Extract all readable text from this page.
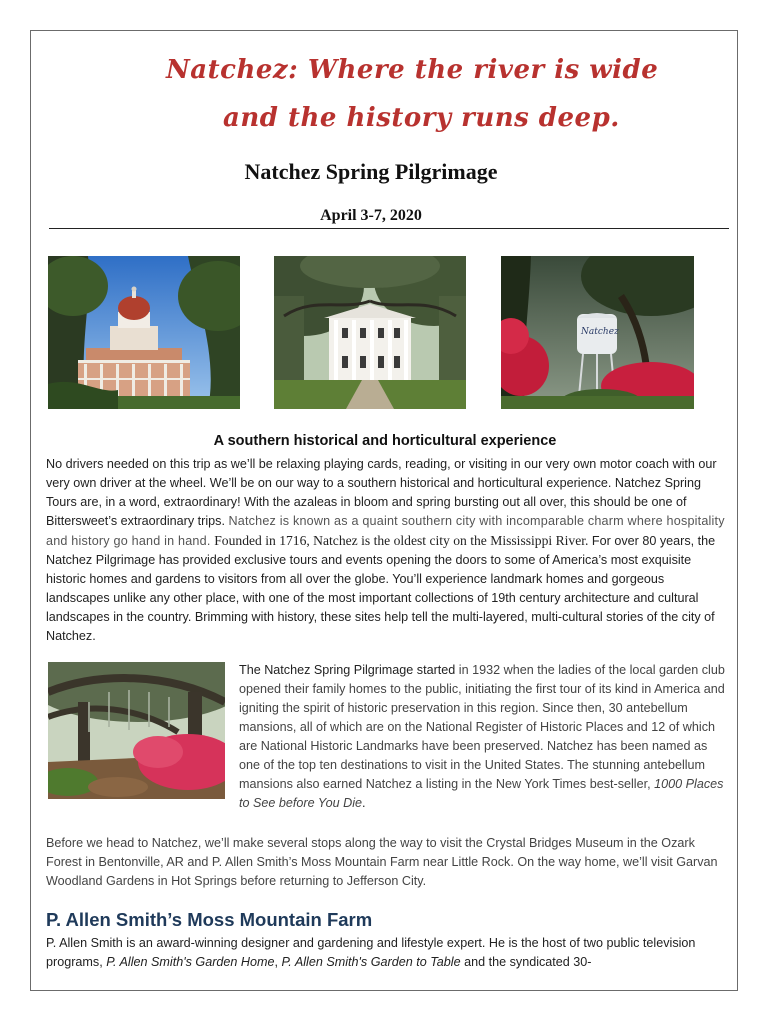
Natchez: Where the river is wide
and the history runs deep.
Natchez Spring Pilgrimage
April 3-7, 2020
Natchez
A southern historical and horticultural experience
No drivers needed on this trip as we’ll be relaxing playing cards, reading, or visiting in our very own motor coach with our very own driver at the wheel. We’ll be on our way to a southern historical and horticultural experience. Natchez Spring Tours are, in a word, extraordinary! With the azaleas in bloom and spring bursting out all over, this should be one of Bittersweet’s extraordinary trips. Natchez is known as a quaint southern city with incomparable charm where hospitality and history go hand in hand. Founded in 1716, Natchez is the oldest city on the Mississippi River. For over 80 years, the Natchez Pilgrimage has provided exclusive tours and events opening the doors to some of America’s most exquisite historic homes and gardens to visitors from all over the globe. You’ll experience landmark homes and gorgeous landscapes unlike any other place, with one of the most important collections of 19th century architecture and cultural landscapes in the country. Brimming with history, these sites help tell the multi-layered, multi-cultural stories of the city of Natchez.
The Natchez Spring Pilgrimage started in 1932 when the ladies of the local garden club opened their family homes to the public, initiating the first tour of its kind in America and igniting the spirit of historic preservation in this region. Since then, 30 antebellum mansions, all of which are on the National Register of Historic Places and 12 of which are National Historic Landmarks have been preserved. Natchez has been named as one of the top ten destinations to visit in the United States. The stunning antebellum mansions also earned Natchez a listing in the New York Times best-seller, 1000 Places to See before You Die.
Before we head to Natchez, we’ll make several stops along the way to visit the Crystal Bridges Museum in the Ozark Forest in Bentonville, AR and P. Allen Smith’s Moss Mountain Farm near Little Rock. On the way home, we’ll visit Garvan Woodland Gardens in Hot Springs before returning to Jefferson City.
P. Allen Smith’s Moss Mountain Farm
P. Allen Smith is an award-winning designer and gardening and lifestyle expert. He is the host of two public television programs, P. Allen Smith's Garden Home, P. Allen Smith's Garden to Table and the syndicated 30-
